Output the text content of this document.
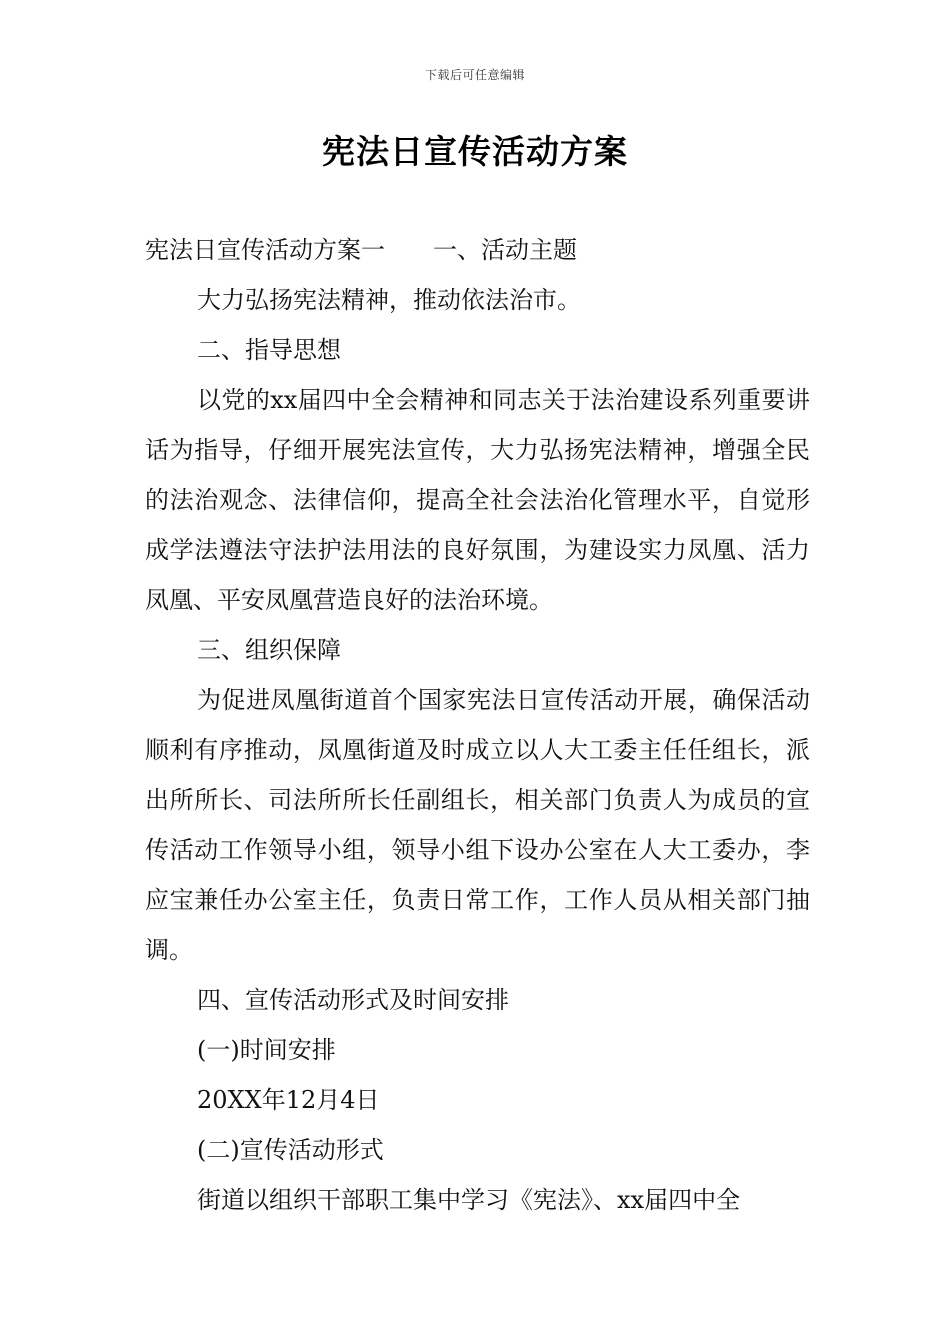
下载后可任意编辑
宪法日宣传活动方案

宪法日宣传活动方案一 一、活动主题

大力弘扬宪法精神，推动依法治市。

二、指导思想

以党的xx届四中全会精神和同志关于法治建设系列重要讲话为指导，仔细开展宪法宣传，大力弘扬宪法精神，增强全民的法治观念、法律信仰，提高全社会法治化管理水平，自觉形成学法遵法守法护法用法的良好氛围，为建设实力凤凰、活力凤凰、平安凤凰营造良好的法治环境。

三、组织保障

为促进凤凰街道首个国家宪法日宣传活动开展，确保活动顺利有序推动，凤凰街道及时成立以人大工委主任任组长，派出所所长、司法所所长任副组长，相关部门负责人为成员的宣传活动工作领导小组，领导小组下设办公室在人大工委办，李应宝兼任办公室主任，负责日常工作，工作人员从相关部门抽调。

四、宣传活动形式及时间安排

(一)时间安排

20XX年12月4日

(二)宣传活动形式

街道以组织干部职工集中学习《宪法》、xx届四中全
